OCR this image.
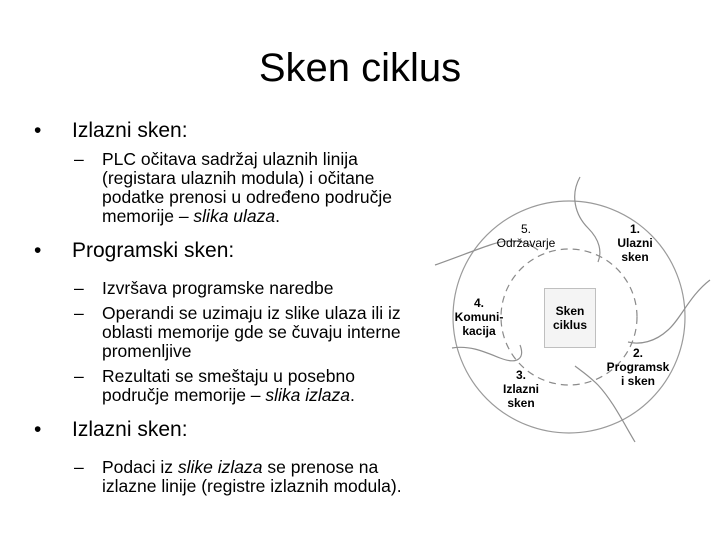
Sken ciklus
• Izlazni sken:
– PLC očitava sadržaj ulaznih linija (registara ulaznih modula) i očitane podatke prenosi u određeno područje memorije – slika ulaza.
• Programski sken:
– Izvršava programske naredbe
– Operandi se uzimaju iz slike ulaza ili iz oblasti memorije gde se čuvaju interne promenljive
– Rezultati se smeštaju u posebno područje memorije – slika izlaza.
• Izlazni sken:
– Podaci iz slike izlaza se prenose na izlazne linije (registre izlaznih modula).
Sken
ciklus
1.
Ulazni
sken
2.
Programsk
i sken
3.
Izlazni
sken
4.
Komuni-
kacija
5.
Održavarje
